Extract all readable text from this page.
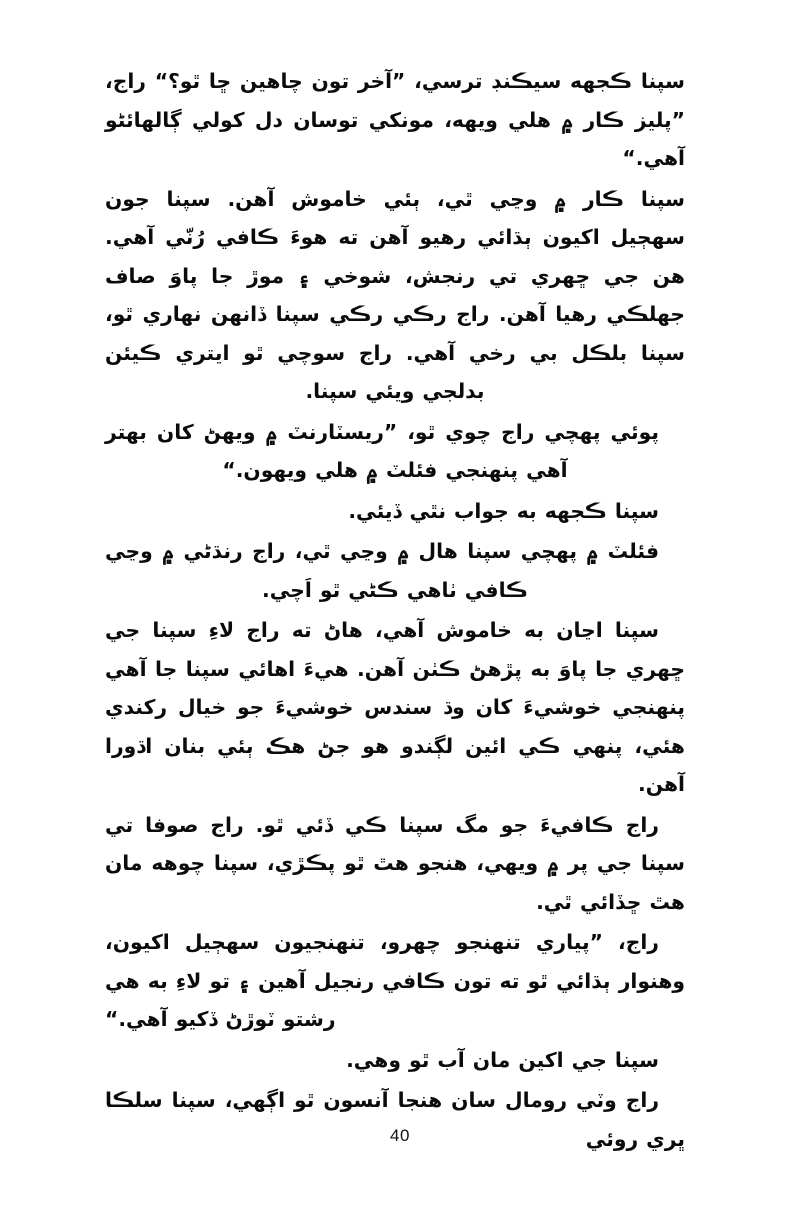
سپنا ڪجهه سيڪنڊ ترسي، ”آخر تون چاهين ڇا ٿو؟“ راج، ”پليز ڪار ۾ هلي ويهه، مونکي توسان دل کولي ڳالهائڻو آهي.“

سپنا ڪار ۾ وڃي ٿي، ٻئي خاموش آهن. سپنا جون سهڄيل اکيون ٻڌائي رهيو آهن ته هوءَ ڪافي رُنّي آهي. هن جي ڇهري تي رنجش، شوخي ۽ موڙ جا پاوَ صاف جهلڪي رهيا آهن. راج رڪي رڪي سپنا ڏانهن نهاري ٿو، سپنا بلڪل بي رخي آهي. راج سوچي ٿو ايتري ڪيئن بدلجي ويئي سپنا.

پوئي پهچي راج چوي ٿو، ”ريسٽارنٽ ۾ ويهڻ کان بهتر آهي پنهنجي فئلٽ ۾ هلي ويهون.“

سپنا ڪجهه به جواب نٿي ڏيئي.

فئلٽ ۾ پهچي سپنا هال ۾ وڃي ٿي، راج رنڌڻي ۾ وڃي ڪافي ٺاهي ڪڻي ٿو اَچي.

سپنا اڃان به خاموش آهي، هاڻ ته راج لاءِ سپنا جي ڇهري جا پاوَ به پڙهڻ ڪٺن آهن. هيءَ اهائي سپنا جا آهي پنهنجي خوشيءَ کان وڌ سندس خوشيءَ جو خيال رکندي هئي، پنهي ڪي ائين لڳندو هو جڻ هڪ ٻئي بنان اڌورا آهن.

راج ڪافيءَ جو مگ سپنا ڪي ڏئي ٿو. راج صوفا تي سپنا جي پر ۾ ويهي، هنجو هٿ ٿو پڪڙي، سپنا چوهه مان هٿ ڇڏائي ٿي.

راج، ”پياري تنهنجو چهرو، تنهنجيون سهڄيل اکيون، وهنوار ٻڌائي ٿو ته تون ڪافي رنجيل آهين ۽ تو لاءِ به هي رشتو ٽوڙڻ ڏکيو آهي.“

سپنا جي اکين مان آب ٿو وهي.

راج وٽي رومال سان هنجا آنسون ٿو اڳهي، سپنا سلڪا ڀري روئي

40
